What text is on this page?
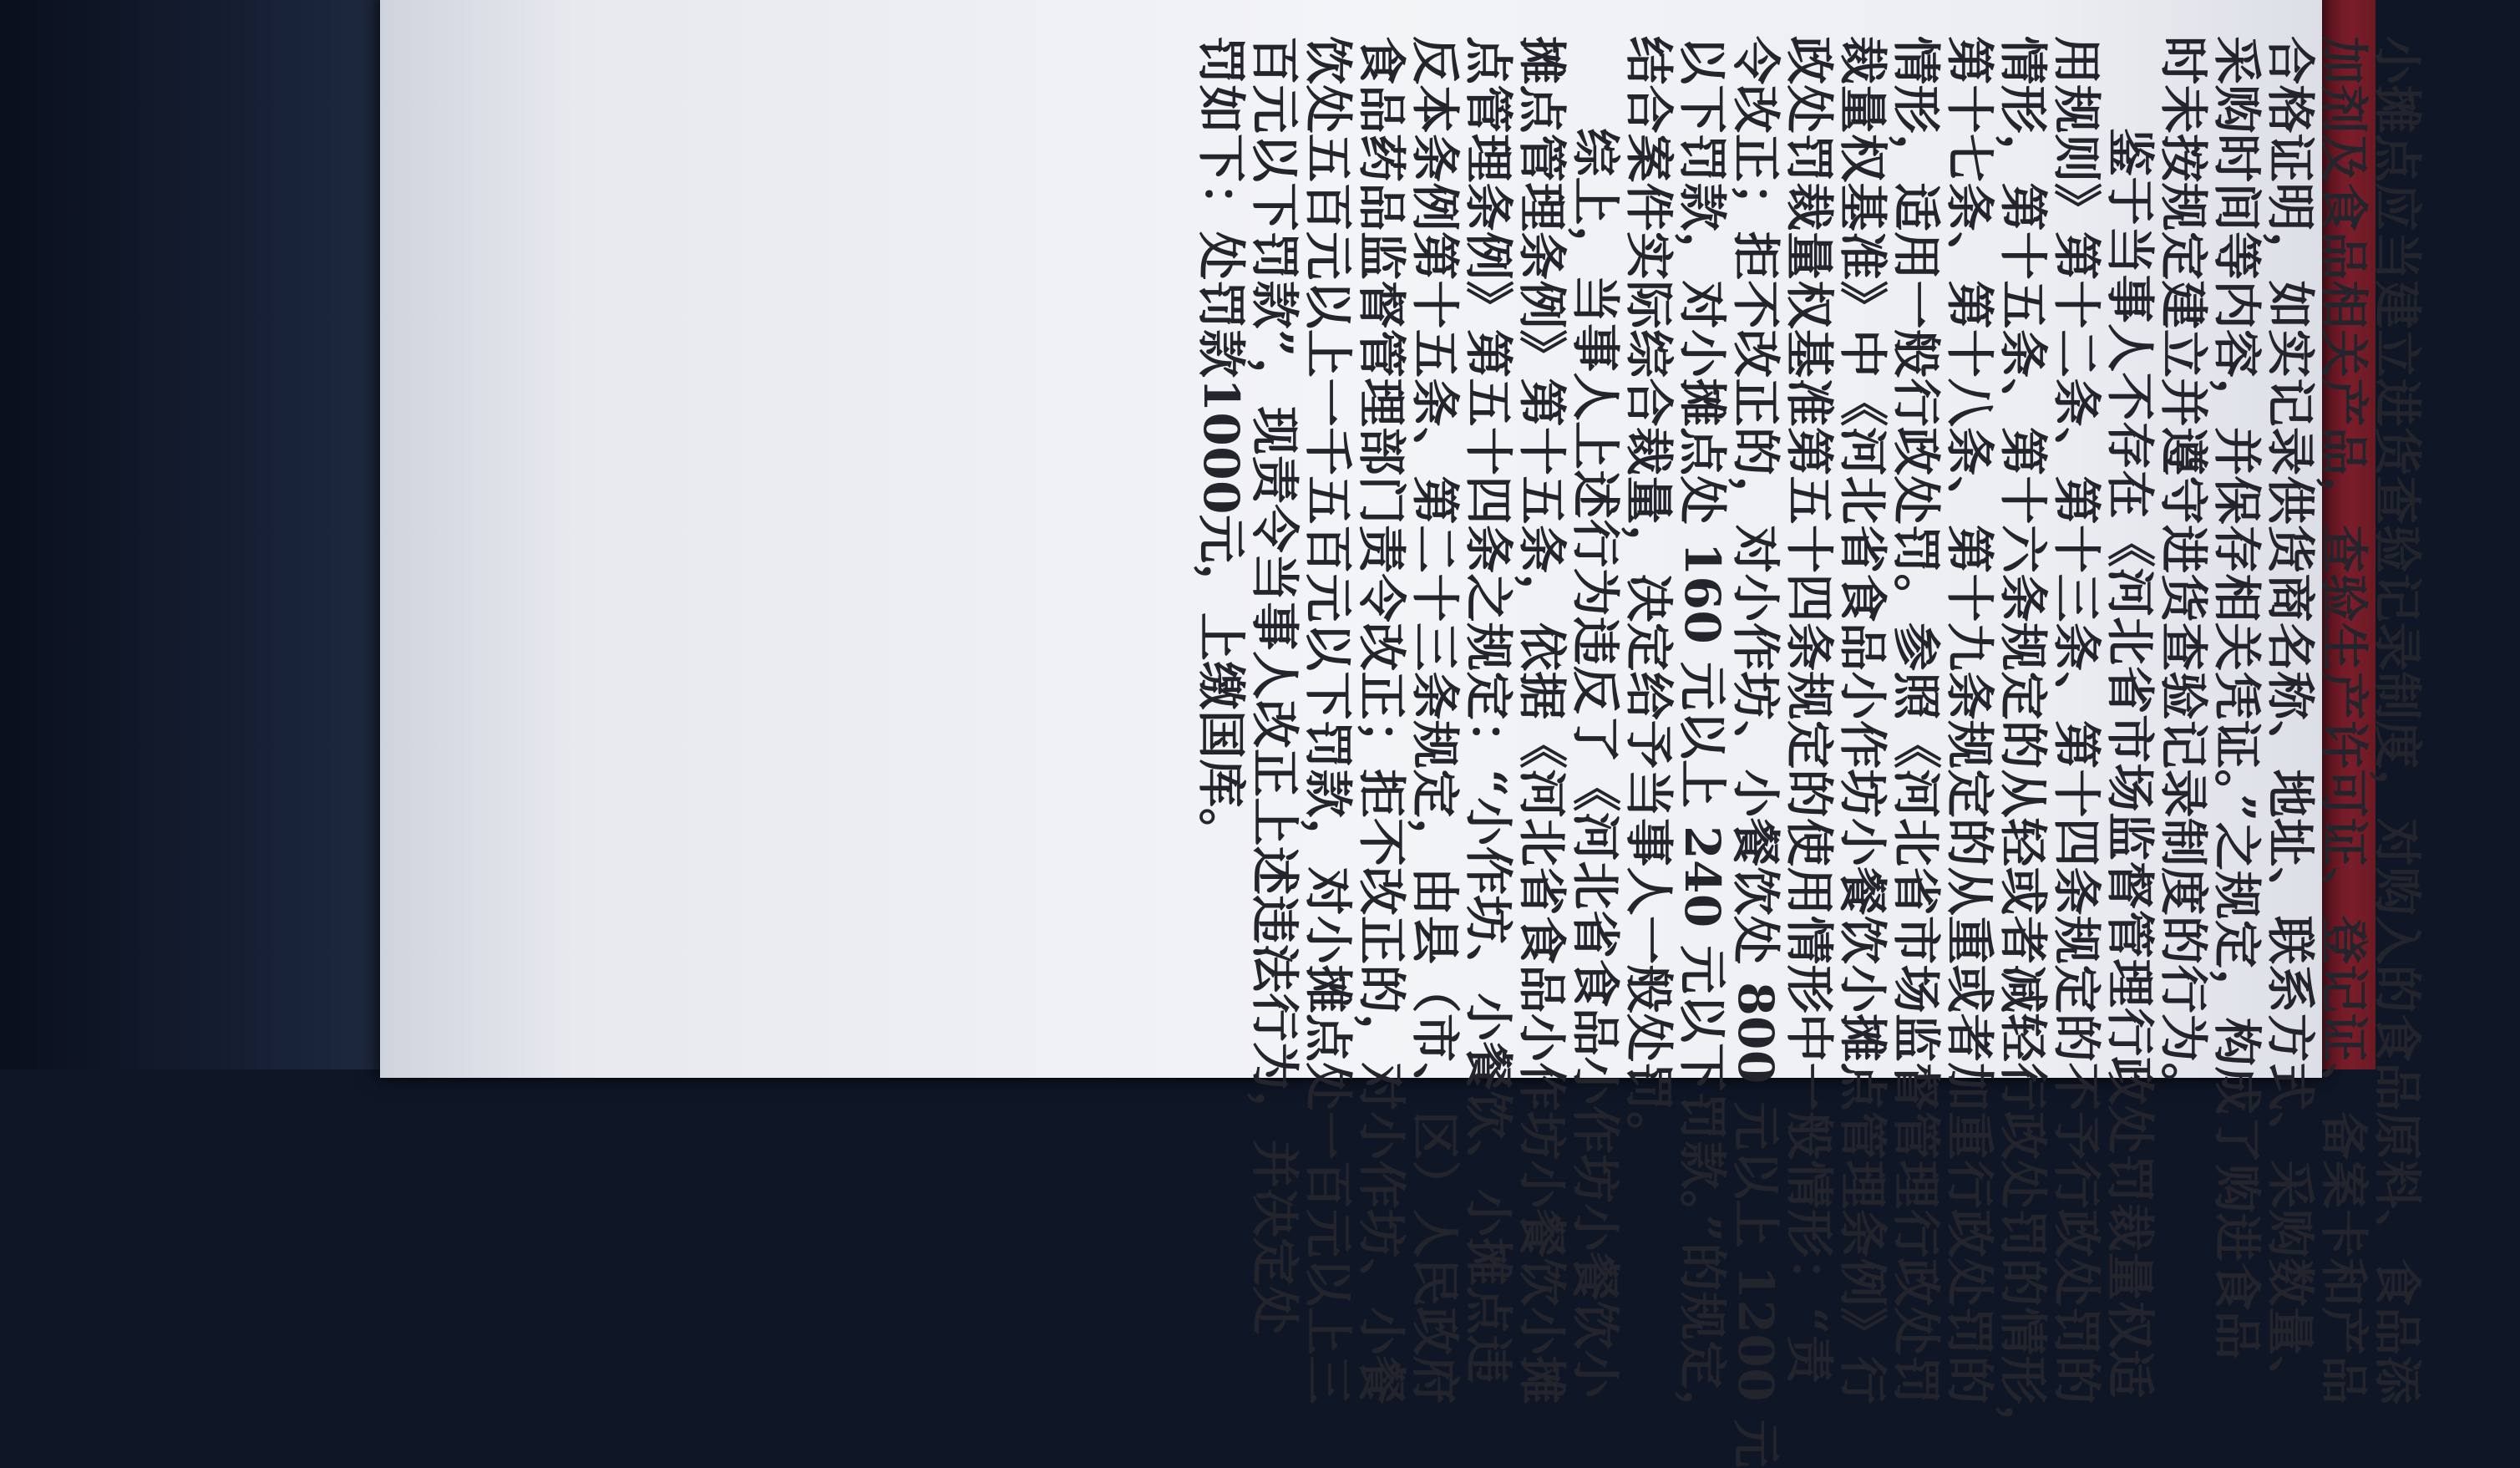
小摊点应当建立进货查验记录制度，对购入的食品原料、食品添
加剂及食品相关产品，查验生产许可证、登记证、备案卡和产品
合格证明，如实记录供货商名称、地址、联系方式、采购数量、
采购时间等内容，并保存相关凭证。”之规定，构成了购进食品
时未按规定建立并遵守进货查验记录制度的行为。
鉴于当事人不存在《河北省市场监督管理行政处罚裁量权适
用规则》第十二条、第十三条、第十四条规定的不予行政处罚的
情形，第十五条、第十六条规定的从轻或者减轻行政处罚的情形，
第十七条、第十八条、第十九条规定的从重或者加重行政处罚的
情形，适用一般行政处罚。参照《河北省市场监督管理行政处罚
裁量权基准》中《河北省食品小作坊小餐饮小摊点管理条例》行
政处罚裁量权基准第五十四条规定的使用情形中一般情形：“责
令改正；拒不改正的，对小作坊、小餐饮处 800 元以上 1200 元
以下罚款，对小摊点处 160 元以上 240 元以下罚款。”的规定，
结合案件实际综合裁量，决定给予当事人一般处罚。
综上，当事人上述行为违反了《河北省食品小作坊小餐饮小
摊点管理条例》第十五条，依据《河北省食品小作坊小餐饮小摊
点管理条例》第五十四条之规定：“小作坊、小餐饮、小摊点违
反本条例第十五条、第二十三条规定，由县（市、区）人民政府
食品药品监督管理部门责令改正；拒不改正的，对小作坊、小餐
饮处五百元以上一千五百元以下罚款，对小摊点处一百元以上三
百元以下罚款”，现责令当事人改正上述违法行为，并决定处
罚如下：处罚款1000元，上缴国库。
